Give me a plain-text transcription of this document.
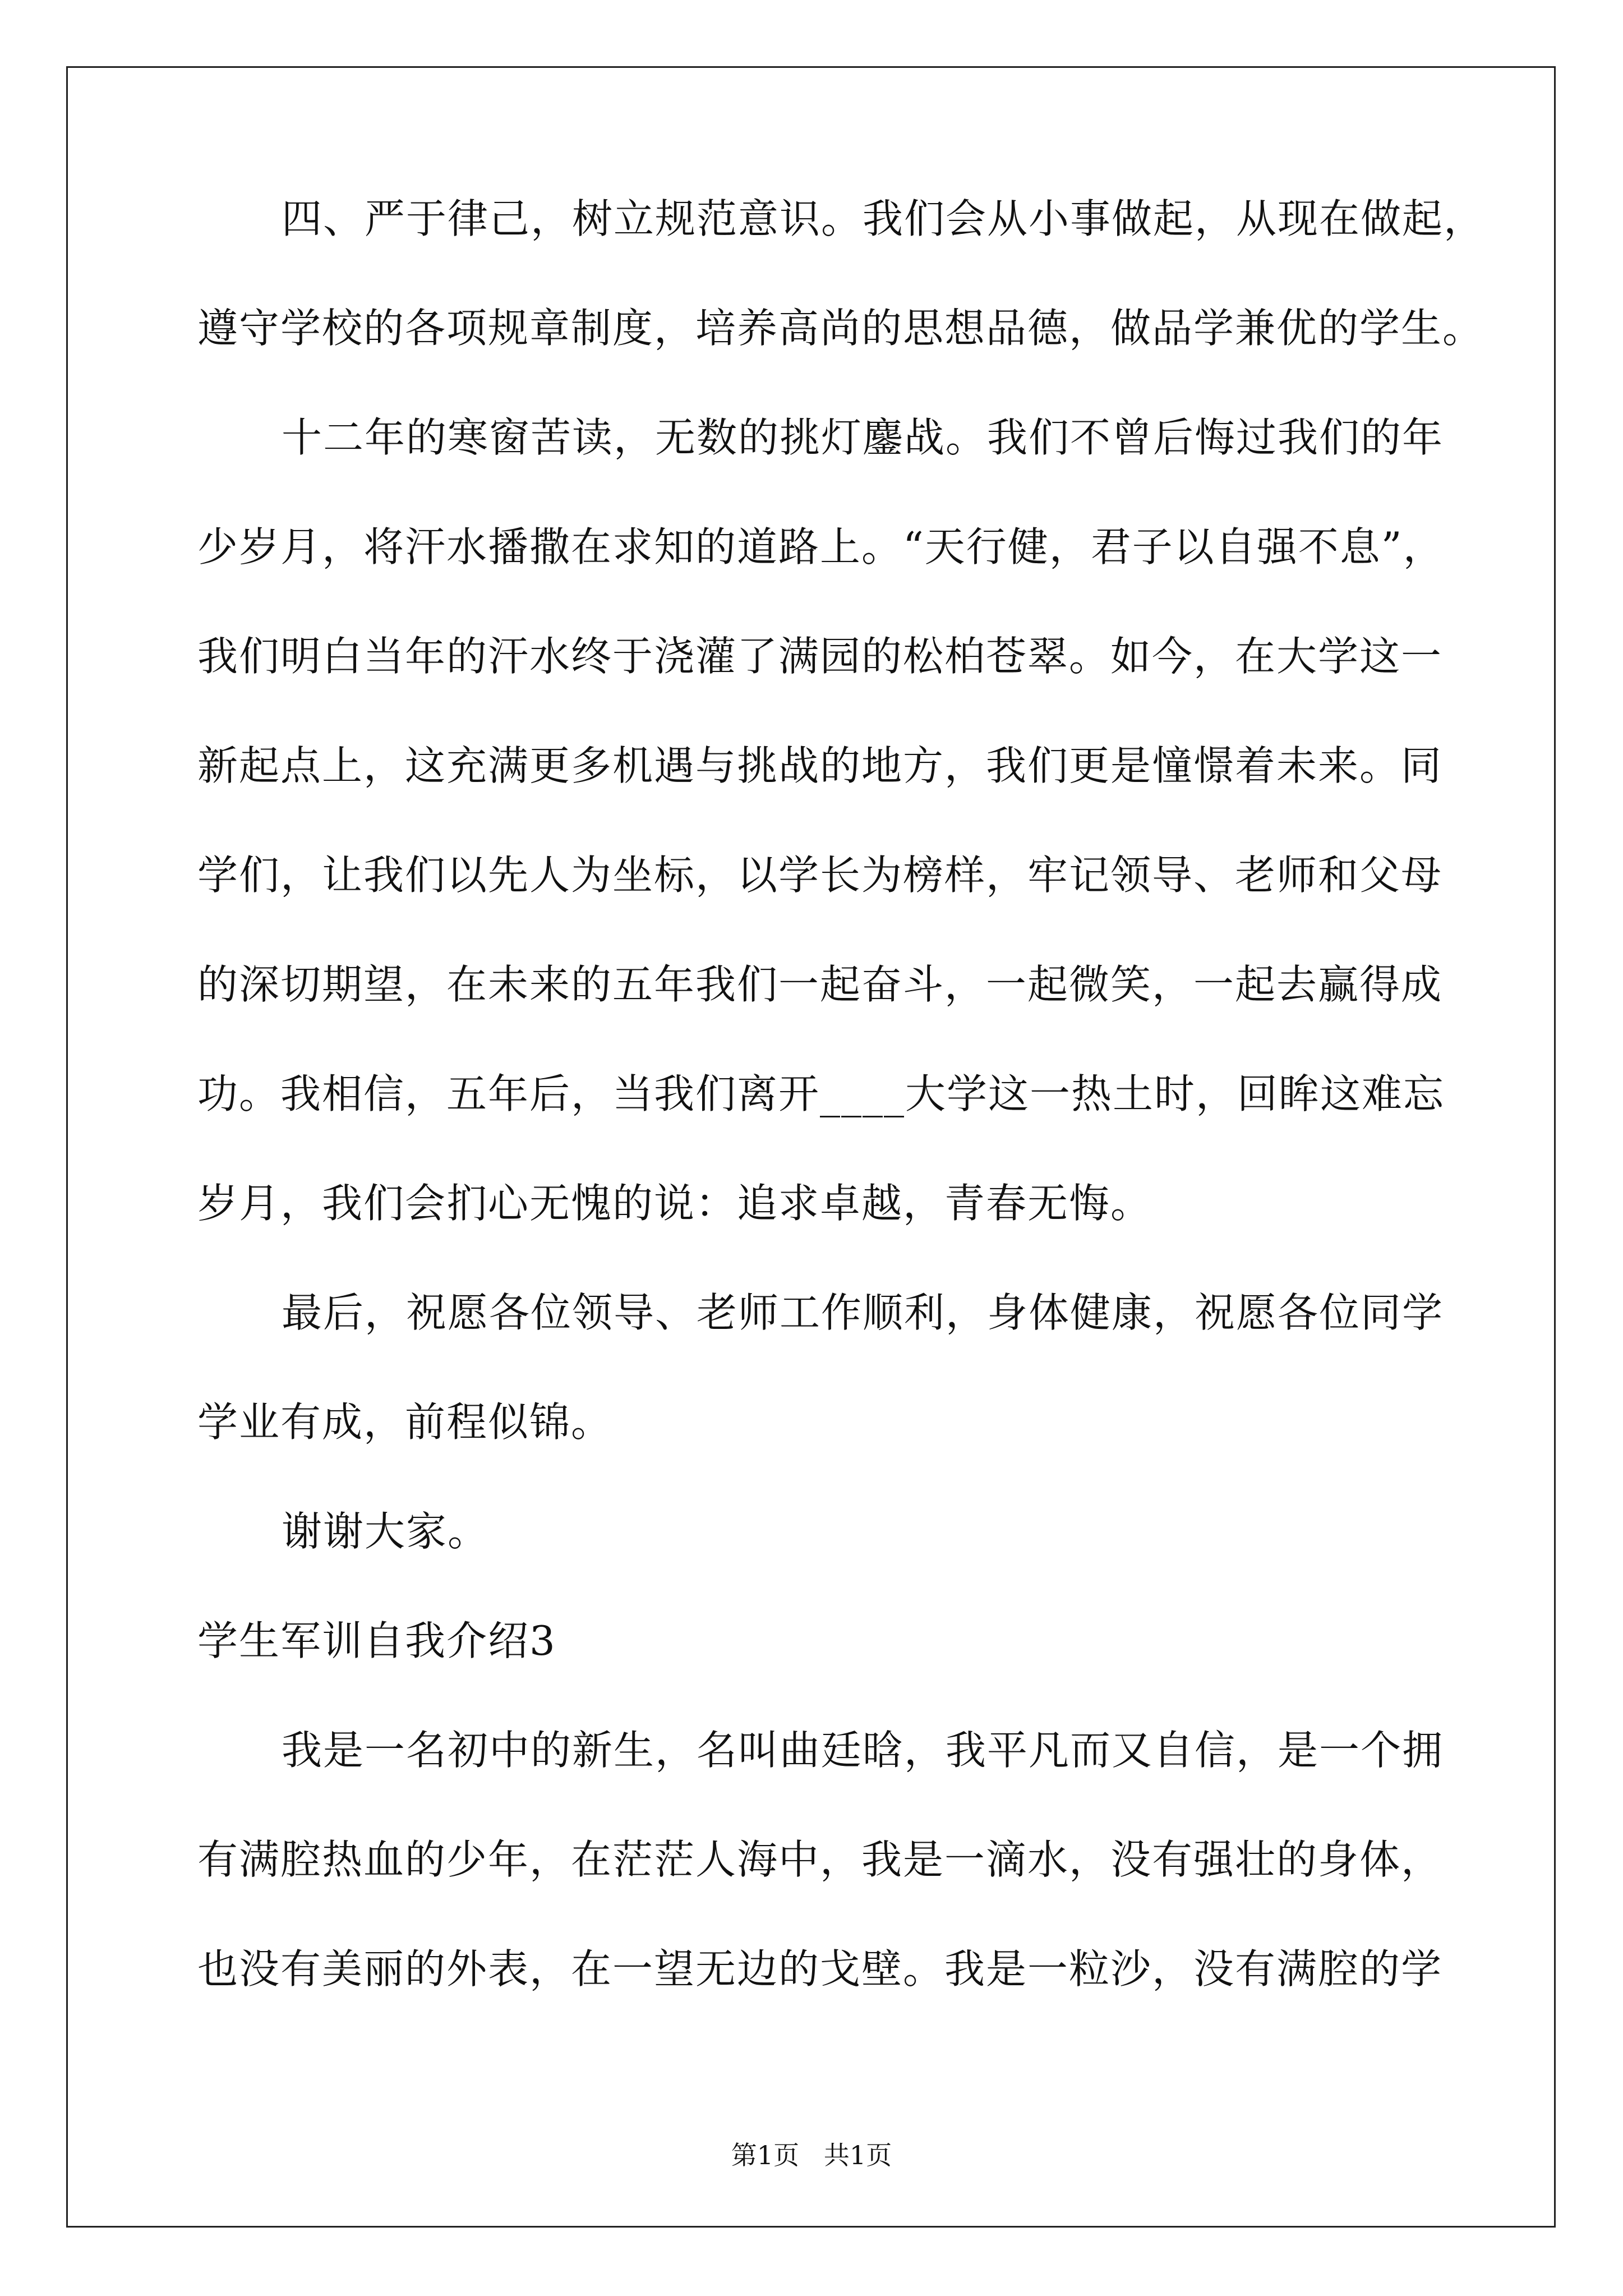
四、严于律己，树立规范意识。我们会从小事做起，从现在做起，
遵守学校的各项规章制度，培养高尚的思想品德，做品学兼优的学生。
十二年的寒窗苦读，无数的挑灯鏖战。我们不曾后悔过我们的年
少岁月，将汗水播撒在求知的道路上。“天行健，君子以自强不息”，
我们明白当年的汗水终于浇灌了满园的松柏苍翠。如今，在大学这一
新起点上，这充满更多机遇与挑战的地方，我们更是憧憬着未来。同
学们，让我们以先人为坐标，以学长为榜样，牢记领导、老师和父母
的深切期望，在未来的五年我们一起奋斗，一起微笑，一起去赢得成
功。我相信，五年后，当我们离开____大学这一热土时，回眸这难忘
岁月，我们会扪心无愧的说：追求卓越，青春无悔。
最后，祝愿各位领导、老师工作顺利，身体健康，祝愿各位同学
学业有成，前程似锦。
谢谢大家。
学生军训自我介绍3
我是一名初中的新生，名叫曲廷晗，我平凡而又自信，是一个拥
有满腔热血的少年，在茫茫人海中，我是一滴水，没有强壮的身体，
也没有美丽的外表，在一望无边的戈壁。我是一粒沙，没有满腔的学
第1页   共1页
